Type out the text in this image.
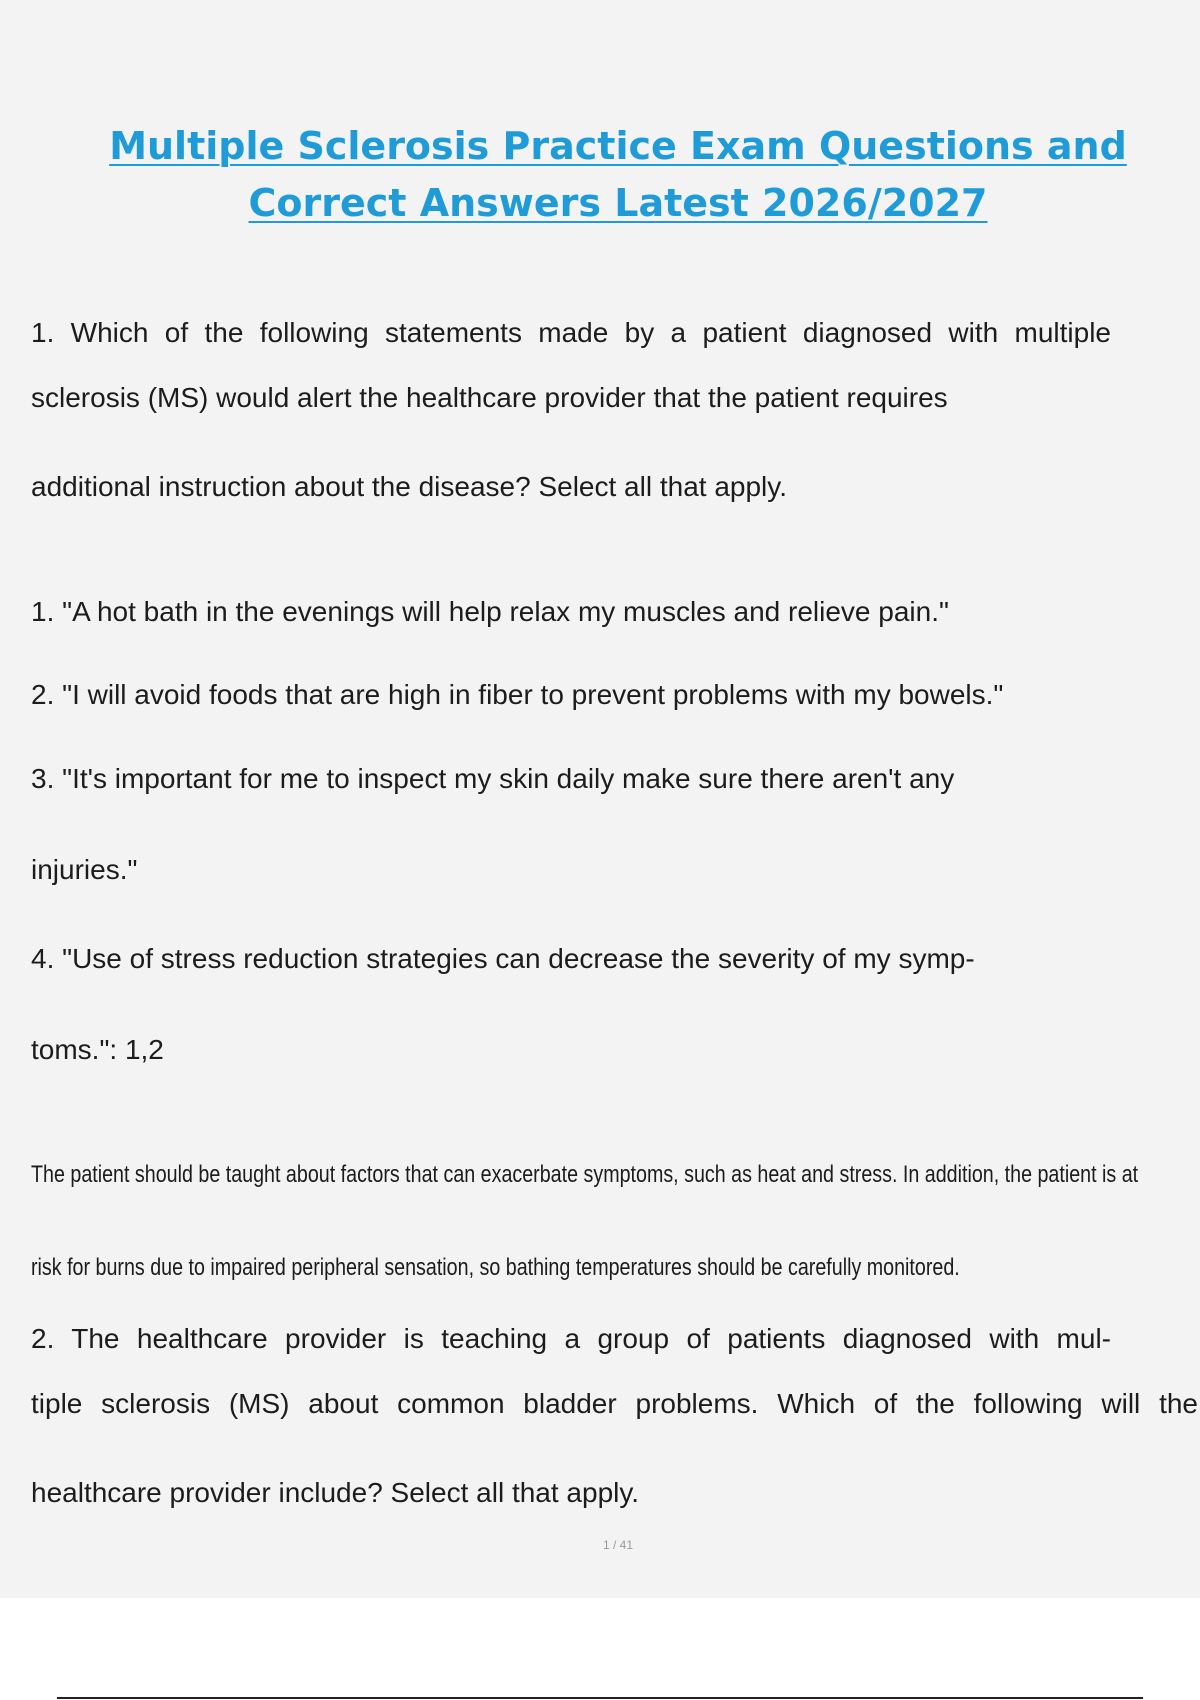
Multiple Sclerosis Practice Exam Questions and
Correct Answers Latest 2026/2027

1. Which of the following statements made by a patient diagnosed with multiple

sclerosis (MS) would alert the healthcare provider that the patient requires

additional instruction about the disease? Select all that apply.

1. "A hot bath in the evenings will help relax my muscles and relieve pain."

2. "I will avoid foods that are high in fiber to prevent problems with my bowels."

3. "It's important for me to inspect my skin daily make sure there aren't any

injuries."

4. "Use of stress reduction strategies can decrease the severity of my symp-

toms.": 1,2

The patient should be taught about factors that can exacerbate symptoms, such as heat and stress. In addition, the patient is at

risk for burns due to impaired peripheral sensation, so bathing temperatures should be carefully monitored.

2. The healthcare provider is teaching a group of patients diagnosed with mul-

tiple sclerosis (MS) about common bladder problems. Which of the following will the

healthcare provider include? Select all that apply.

1 / 41
